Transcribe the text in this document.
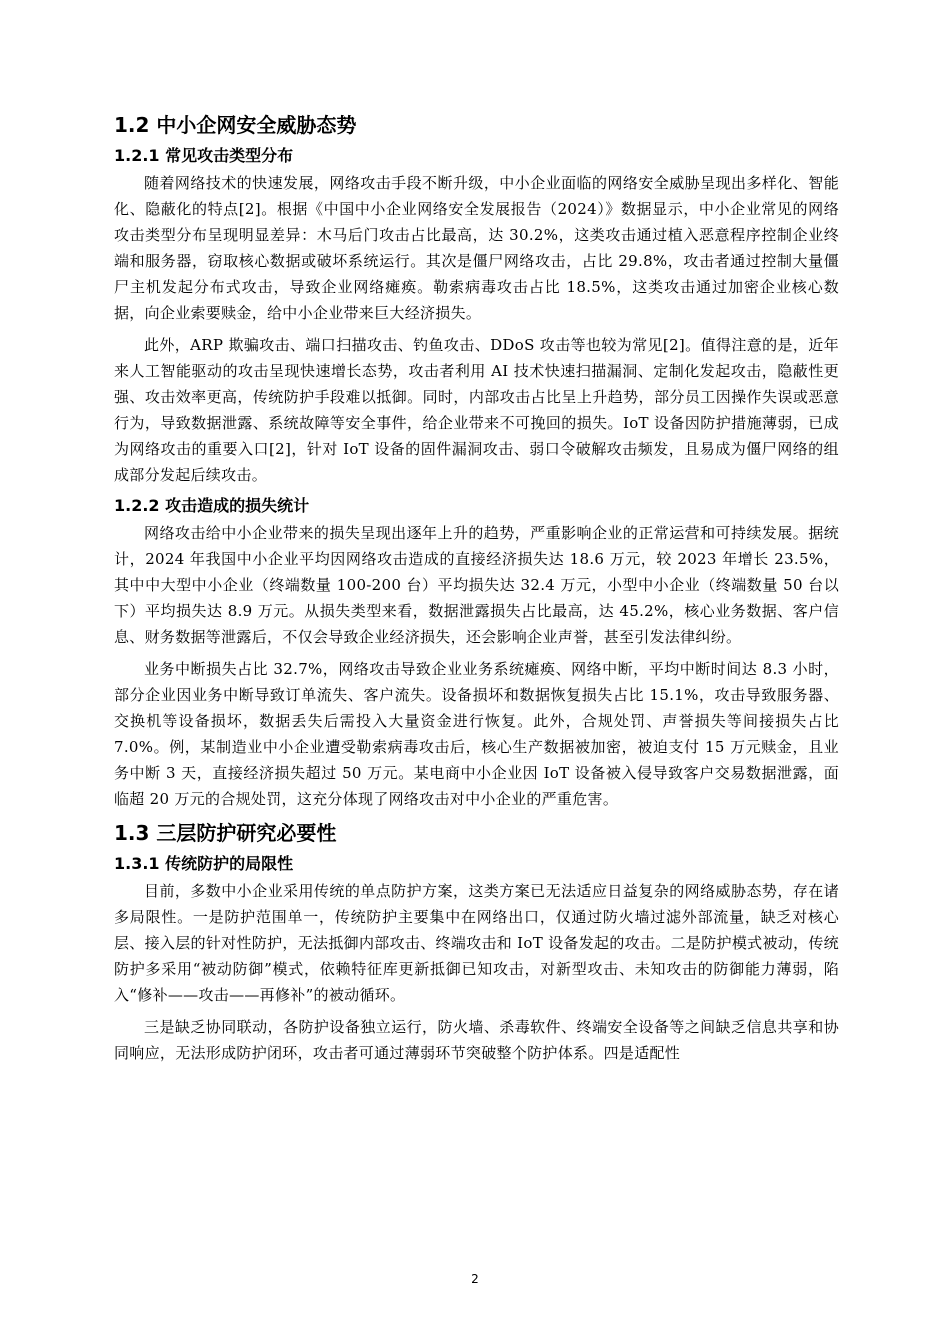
1.2 中小企网安全威胁态势
1.2.1 常见攻击类型分布

随着网络技术的快速发展，网络攻击手段不断升级，中小企业面临的网络安全威胁呈现出多样化、智能化、隐蔽化的特点[2]。根据《中国中小企业网络安全发展报告（2024）》数据显示，中小企业常见的网络攻击类型分布呈现明显差异：木马后门攻击占比最高，达 30.2%，这类攻击通过植入恶意程序控制企业终端和服务器，窃取核心数据或破坏系统运行。其次是僵尸网络攻击，占比 29.8%，攻击者通过控制大量僵尸主机发起分布式攻击，导致企业网络瘫痪。勒索病毒攻击占比 18.5%，这类攻击通过加密企业核心数据，向企业索要赎金，给中小企业带来巨大经济损失。

此外，ARP 欺骗攻击、端口扫描攻击、钓鱼攻击、DDoS 攻击等也较为常见[2]。值得注意的是，近年来人工智能驱动的攻击呈现快速增长态势，攻击者利用 AI 技术快速扫描漏洞、定制化发起攻击，隐蔽性更强、攻击效率更高，传统防护手段难以抵御。同时，内部攻击占比呈上升趋势，部分员工因操作失误或恶意行为，导致数据泄露、系统故障等安全事件，给企业带来不可挽回的损失。IoT 设备因防护措施薄弱，已成为网络攻击的重要入口[2]，针对 IoT 设备的固件漏洞攻击、弱口令破解攻击频发，且易成为僵尸网络的组成部分发起后续攻击。

1.2.2 攻击造成的损失统计

网络攻击给中小企业带来的损失呈现出逐年上升的趋势，严重影响企业的正常运营和可持续发展。据统计，2024 年我国中小企业平均因网络攻击造成的直接经济损失达 18.6 万元，较 2023 年增长 23.5%，其中中大型中小企业（终端数量 100-200 台）平均损失达 32.4 万元，小型中小企业（终端数量 50 台以下）平均损失达 8.9 万元。从损失类型来看，数据泄露损失占比最高，达 45.2%，核心业务数据、客户信息、财务数据等泄露后，不仅会导致企业经济损失，还会影响企业声誉，甚至引发法律纠纷。

业务中断损失占比 32.7%，网络攻击导致企业业务系统瘫痪、网络中断，平均中断时间达 8.3 小时，部分企业因业务中断导致订单流失、客户流失。设备损坏和数据恢复损失占比 15.1%，攻击导致服务器、交换机等设备损坏，数据丢失后需投入大量资金进行恢复。此外，合规处罚、声誉损失等间接损失占比 7.0%。例，某制造业中小企业遭受勒索病毒攻击后，核心生产数据被加密，被迫支付 15 万元赎金，且业务中断 3 天，直接经济损失超过 50 万元。某电商中小企业因 IoT 设备被入侵导致客户交易数据泄露，面临超 20 万元的合规处罚，这充分体现了网络攻击对中小企业的严重危害。

1.3 三层防护研究必要性
1.3.1 传统防护的局限性

目前，多数中小企业采用传统的单点防护方案，这类方案已无法适应日益复杂的网络威胁态势，存在诸多局限性。一是防护范围单一，传统防护主要集中在网络出口，仅通过防火墙过滤外部流量，缺乏对核心层、接入层的针对性防护，无法抵御内部攻击、终端攻击和 IoT 设备发起的攻击。二是防护模式被动，传统防护多采用“被动防御”模式，依赖特征库更新抵御已知攻击，对新型攻击、未知攻击的防御能力薄弱，陷入“修补——攻击——再修补”的被动循环。

三是缺乏协同联动，各防护设备独立运行，防火墙、杀毒软件、终端安全设备等之间缺乏信息共享和协同响应，无法形成防护闭环，攻击者可通过薄弱环节突破整个防护体系。四是适配性

2
